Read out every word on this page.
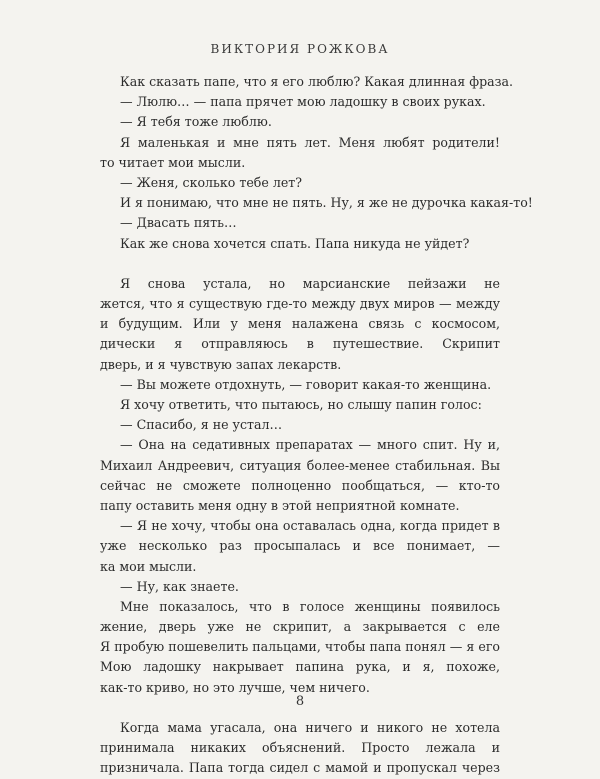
ВИКТОРИЯ РОЖКОВА
Как сказать папе, что я его люблю? Какая длинная фраза.
— Люлю… — папа прячет мою ладошку в своих руках.
— Я тебя тоже люблю.
Я маленькая и мне пять лет. Меня любят родители!
то читает мои мысли.
— Женя, сколько тебе лет?
И я понимаю, что мне не пять. Ну, я же не дурочка какая-то!
— Двасать пять…
Как же снова хочется спать. Папа никуда не уйдет?
Я снова устала, но марсианские пейзажи не
жется, что я существую где-то между двух миров — между
и будущим. Или у меня налажена связь с космосом,
дически я отправляюсь в путешествие. Скрипит
дверь, и я чувствую запах лекарств.
— Вы можете отдохнуть, — говорит какая-то женщина.
Я хочу ответить, что пытаюсь, но слышу папин голос:
— Спасибо, я не устал…
— Она на седативных препаратах — много спит. Ну и,
Михаил Андреевич, ситуация более-менее стабильная. Вы
сейчас не сможете полноценно пообщаться, — кто-то
папу оставить меня одну в этой неприятной комнате.
— Я не хочу, чтобы она оставалась одна, когда придет в
уже несколько раз просыпалась и все понимает, —
ка мои мысли.
— Ну, как знаете.
Мне показалось, что в голосе женщины появилось
жение, дверь уже не скрипит, а закрывается с еле
Я пробую пошевелить пальцами, чтобы папа понял — я его
Мою ладошку накрывает папина рука, и я, похоже,
как-то криво, но это лучше, чем ничего.
Когда мама угасала, она ничего и никого не хотела
принимала никаких объяснений. Просто лежала и
призничала. Папа тогда сидел с мамой и пропускал через
8
